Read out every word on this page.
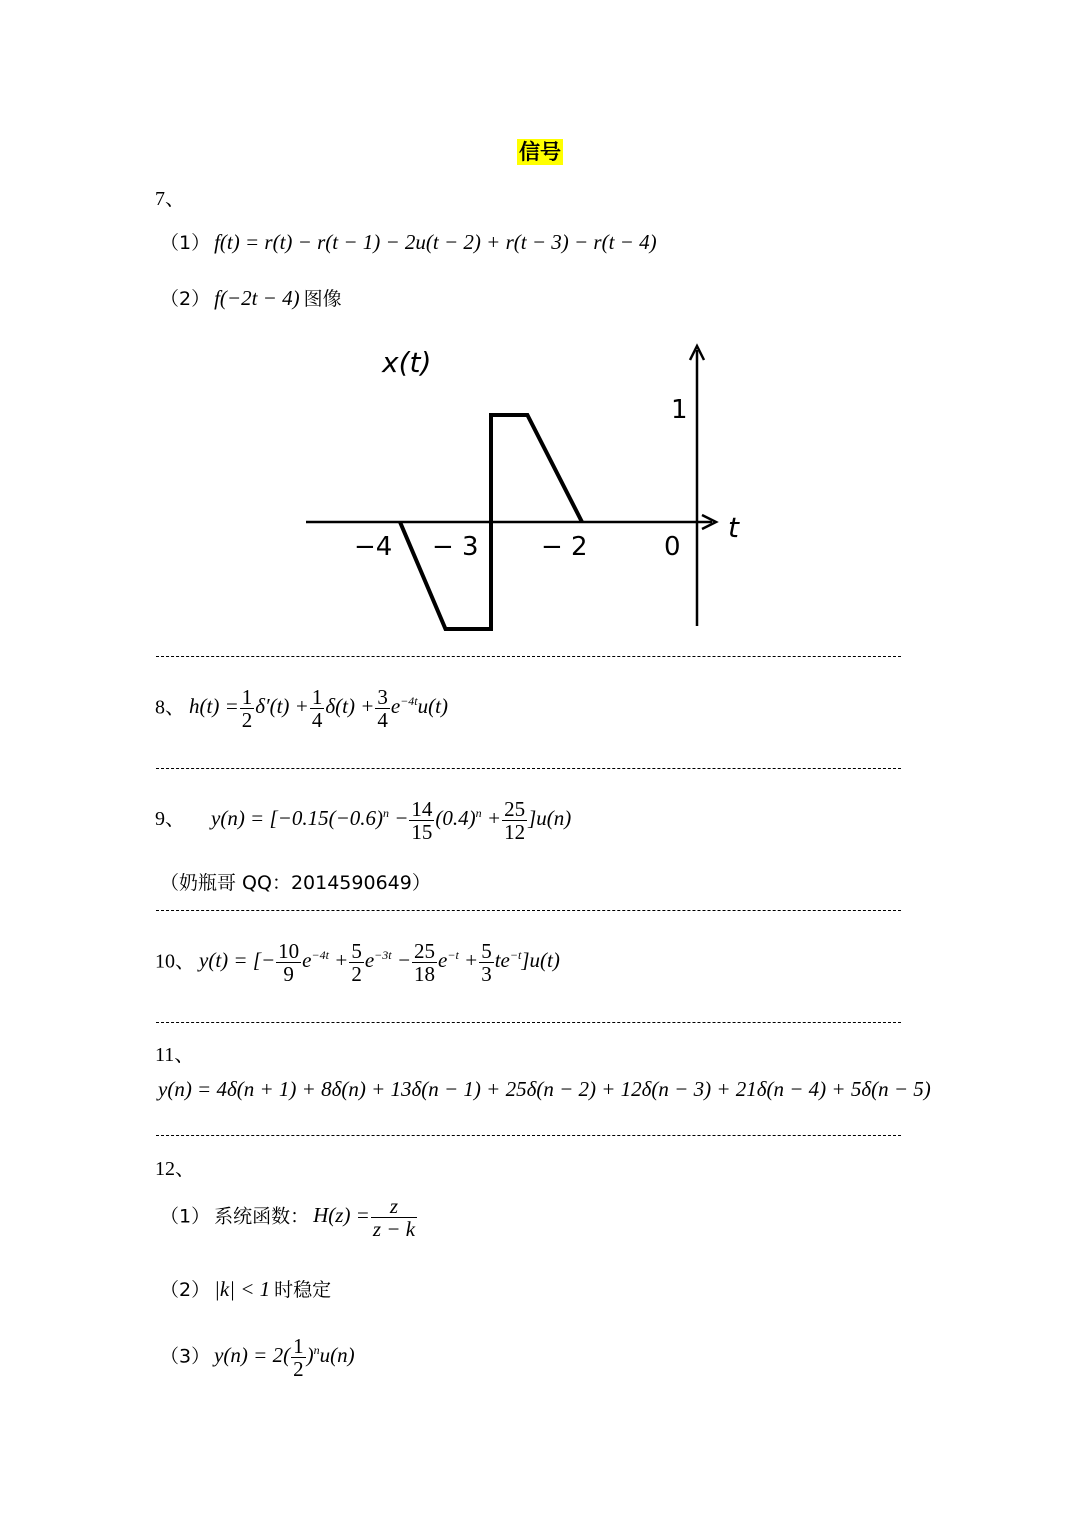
信号
7、
（1） f(t) = r(t) − r(t − 1) − 2u(t − 2) + r(t − 3) − r(t − 4)
（2） f(−2t − 4) 图像
x(t)
t
1
−4 − 3 − 2	0
8、 $h(t) = \frac{1}{2} \delta'(t) + \frac{1}{4} \delta(t) + \frac{3}{4} e^{-4t}u(t)$
9、 $y(n) = [-0.15(-0.6)^n - \frac{14}{15} (0.4)^n + \frac{25}{12} ]u(n)$
（奶瓶哥 QQ：2014590649）
10、 y(t) = [− $\frac{10}{9} e^{-4t} + \frac{5}{2} e^{-3t} - \frac{25}{18} e^{-t} + \frac{5}{3} te^{-t}]u(t)$
11、
y(n) = 4δ(n + 1) + 8δ(n) + 13δ(n − 1) + 25δ(n − 2) + 12δ(n − 3) + 21δ(n − 4) + 5δ(n − 5)
12、
（1） 系统函数： $H(z) = \frac{z}{z - k}$
（2） |k| < 1 时稳定
（3） $y(n) = 2( \frac{1}{2} )^nu(n)$
